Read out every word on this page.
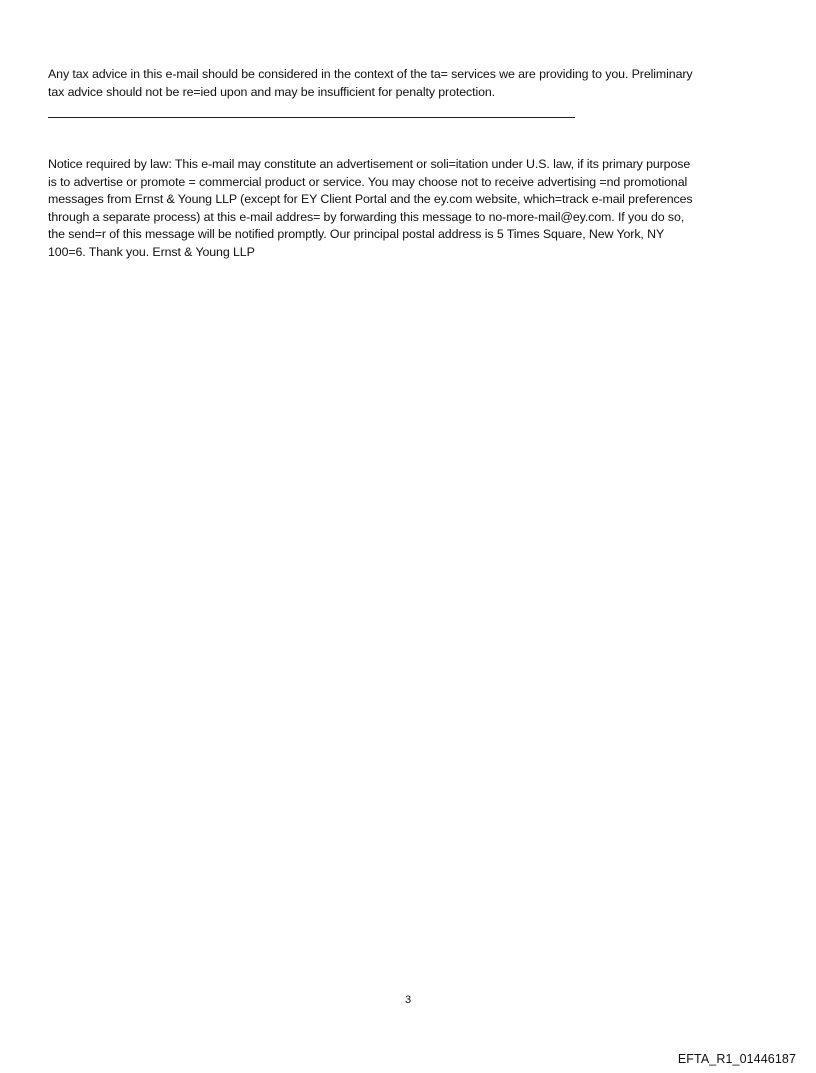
Any tax advice in this e-mail should be considered in the context of the ta= services we are providing to you. Preliminary
tax advice should not be re=ied upon and may be insufficient for penalty protection.

Notice required by law: This e-mail may constitute an advertisement or soli=itation under U.S. law, if its primary purpose
is to advertise or promote = commercial product or service. You may choose not to receive advertising =nd promotional
messages from Ernst & Young LLP (except for EY Client Portal and the ey.com website, which=track e-mail preferences
through a separate process) at this e-mail addres= by forwarding this message to no-more-mail@ey.com. If you do so,
the send=r of this message will be notified promptly. Our principal postal address is 5 Times Square, New York, NY
100=6. Thank you. Ernst & Young LLP

3
EFTA_R1_01446187
